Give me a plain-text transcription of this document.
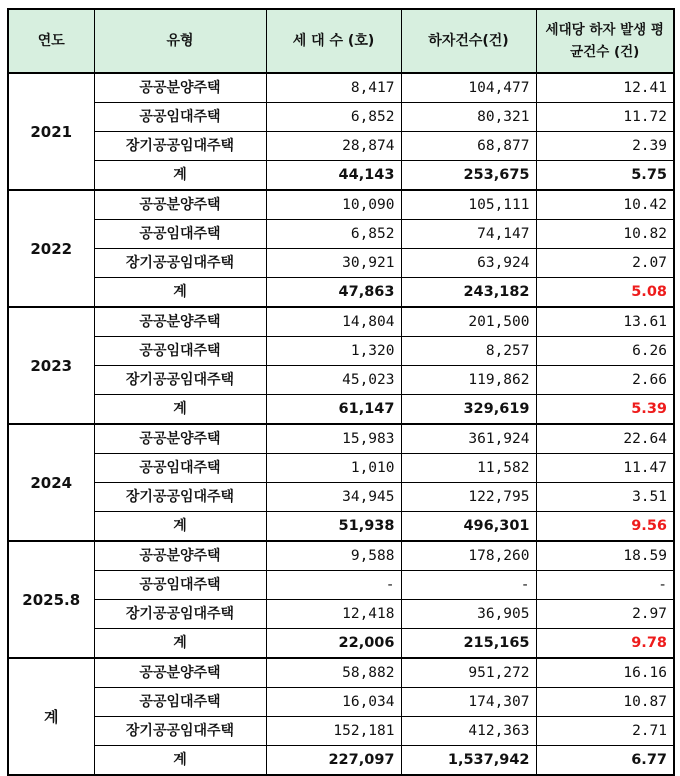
연도	유형	세 대 수 (호)	하자건수(건)	세대당 하자 발생 평균건수 (건)
2021	공공분양주택	8,417	104,477	12.41
	공공임대주택	6,852	80,321	11.72
	장기공공임대주택	28,874	68,877	2.39
	계	44,143	253,675	5.75
2022	공공분양주택	10,090	105,111	10.42
	공공임대주택	6,852	74,147	10.82
	장기공공임대주택	30,921	63,924	2.07
	계	47,863	243,182	5.08
2023	공공분양주택	14,804	201,500	13.61
	공공임대주택	1,320	8,257	6.26
	장기공공임대주택	45,023	119,862	2.66
	계	61,147	329,619	5.39
2024	공공분양주택	15,983	361,924	22.64
	공공임대주택	1,010	11,582	11.47
	장기공공임대주택	34,945	122,795	3.51
	계	51,938	496,301	9.56
2025.8	공공분양주택	9,588	178,260	18.59
	공공임대주택	-	-	-
	장기공공임대주택	12,418	36,905	2.97
	계	22,006	215,165	9.78
계	공공분양주택	58,882	951,272	16.16
	공공임대주택	16,034	174,307	10.87
	장기공공임대주택	152,181	412,363	2.71
	계	227,097	1,537,942	6.77
